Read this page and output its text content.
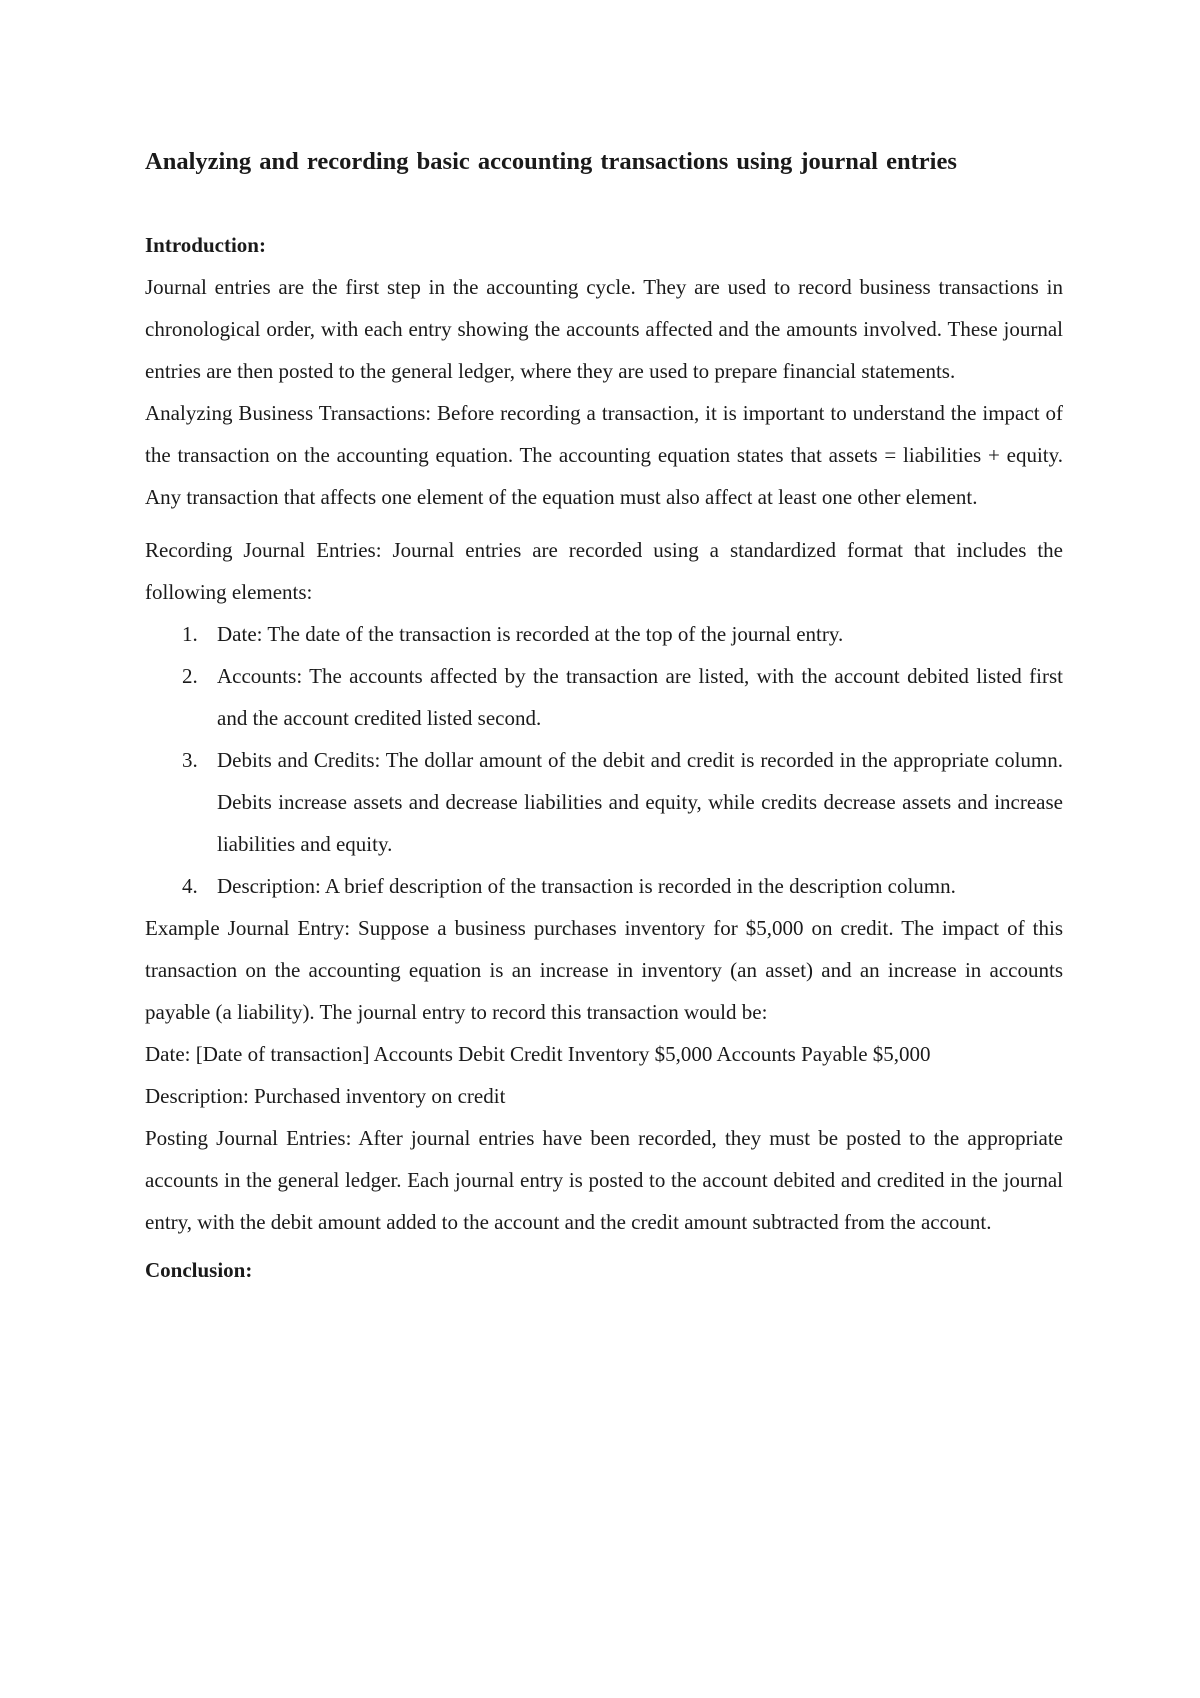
Analyzing and recording basic accounting transactions using journal entries
Introduction:

Journal entries are the first step in the accounting cycle. They are used to record business transactions in chronological order, with each entry showing the accounts affected and the amounts involved. These journal entries are then posted to the general ledger, where they are used to prepare financial statements.

Analyzing Business Transactions: Before recording a transaction, it is important to understand the impact of the transaction on the accounting equation. The accounting equation states that assets = liabilities + equity. Any transaction that affects one element of the equation must also affect at least one other element.

Recording Journal Entries: Journal entries are recorded using a standardized format that includes the following elements:

1. Date: The date of the transaction is recorded at the top of the journal entry.
2. Accounts: The accounts affected by the transaction are listed, with the account debited listed first and the account credited listed second.
3. Debits and Credits: The dollar amount of the debit and credit is recorded in the appropriate column. Debits increase assets and decrease liabilities and equity, while credits decrease assets and increase liabilities and equity.
4. Description: A brief description of the transaction is recorded in the description column.

Example Journal Entry: Suppose a business purchases inventory for $5,000 on credit. The impact of this transaction on the accounting equation is an increase in inventory (an asset) and an increase in accounts payable (a liability). The journal entry to record this transaction would be:

Date: [Date of transaction] Accounts Debit Credit Inventory $5,000 Accounts Payable $5,000

Description: Purchased inventory on credit

Posting Journal Entries: After journal entries have been recorded, they must be posted to the appropriate accounts in the general ledger. Each journal entry is posted to the account debited and credited in the journal entry, with the debit amount added to the account and the credit amount subtracted from the account.

Conclusion:
